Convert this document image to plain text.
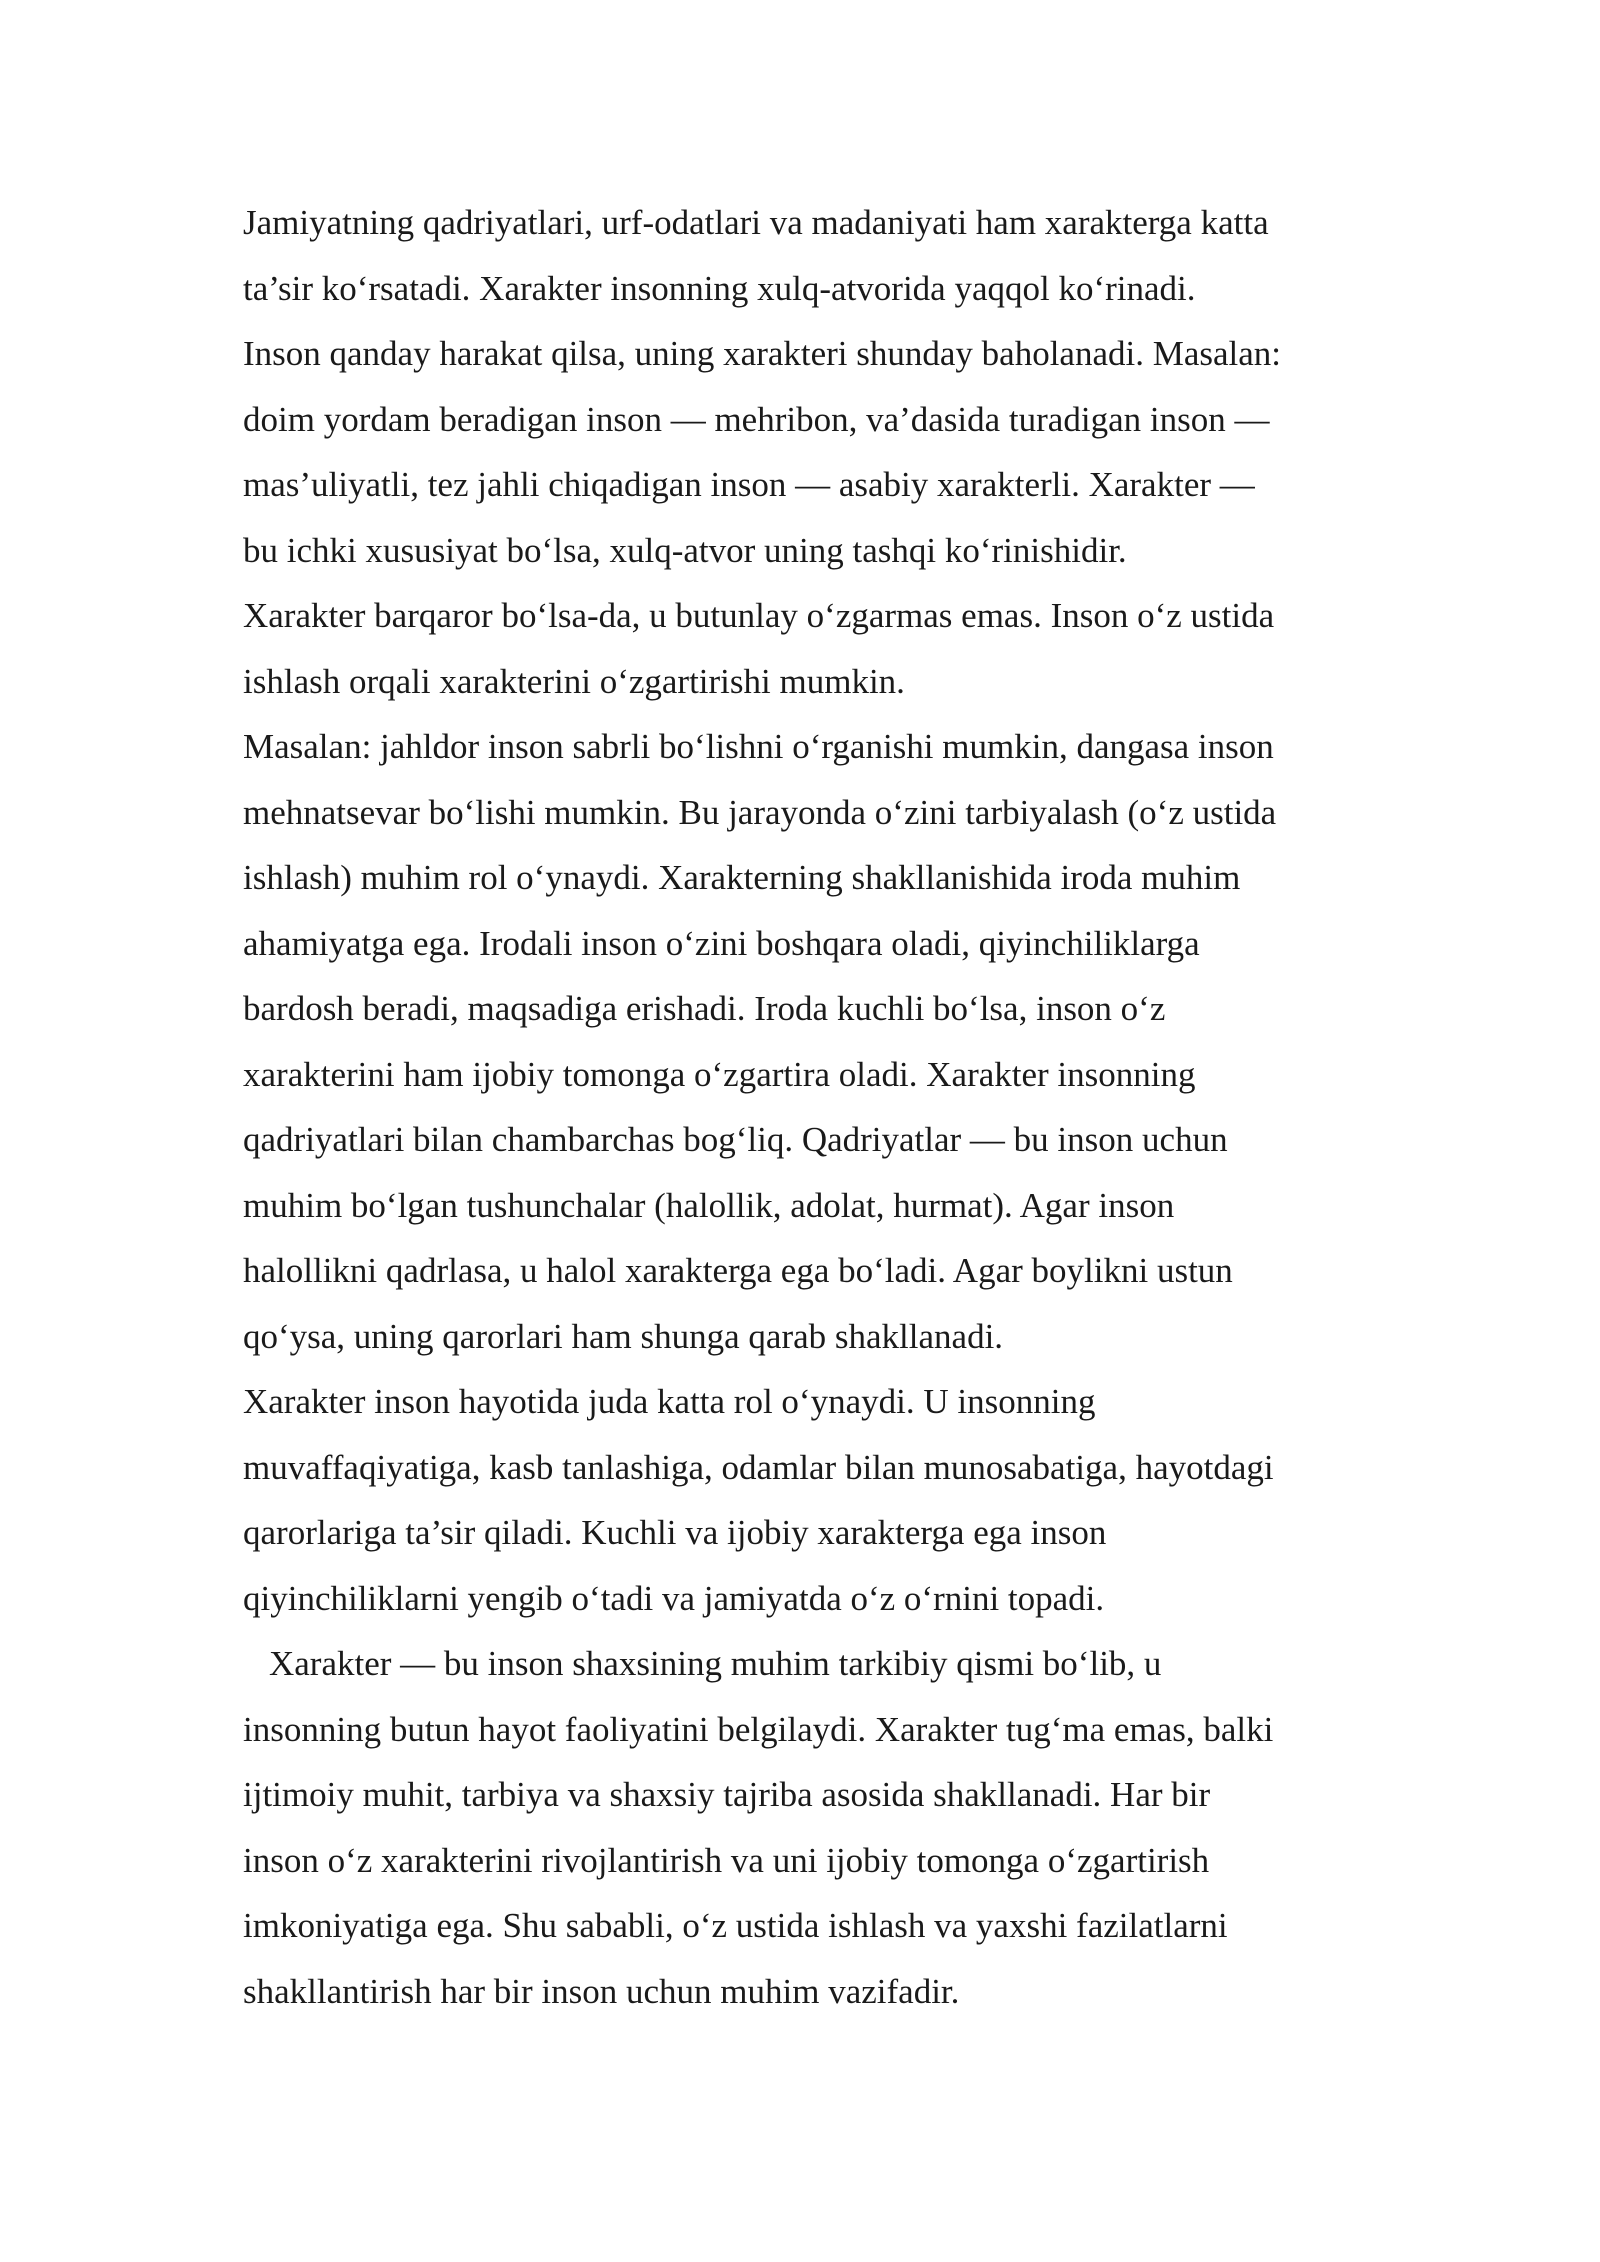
Jamiyatning qadriyatlari, urf-odatlari va madaniyati ham xarakterga katta
ta’sir ko‘rsatadi. Xarakter insonning xulq-atvorida yaqqol ko‘rinadi.
Inson qanday harakat qilsa, uning xarakteri shunday baholanadi. Masalan:
doim yordam beradigan inson — mehribon, va’dasida turadigan inson —
mas’uliyatli, tez jahli chiqadigan inson — asabiy xarakterli. Xarakter —
bu ichki xususiyat bo‘lsa, xulq-atvor uning tashqi ko‘rinishidir.
Xarakter barqaror bo‘lsa-da, u butunlay o‘zgarmas emas. Inson o‘z ustida
ishlash orqali xarakterini o‘zgartirishi mumkin.
Masalan: jahldor inson sabrli bo‘lishni o‘rganishi mumkin, dangasa inson
mehnatsevar bo‘lishi mumkin. Bu jarayonda o‘zini tarbiyalash (o‘z ustida
ishlash) muhim rol o‘ynaydi. Xarakterning shakllanishida iroda muhim
ahamiyatga ega. Irodali inson o‘zini boshqara oladi, qiyinchiliklarga
bardosh beradi, maqsadiga erishadi. Iroda kuchli bo‘lsa, inson o‘z
xarakterini ham ijobiy tomonga o‘zgartira oladi. Xarakter insonning
qadriyatlari bilan chambarchas bog‘liq. Qadriyatlar — bu inson uchun
muhim bo‘lgan tushunchalar (halollik, adolat, hurmat). Agar inson
halollikni qadrlasa, u halol xarakterga ega bo‘ladi. Agar boylikni ustun
qo‘ysa, uning qarorlari ham shunga qarab shakllanadi.
Xarakter inson hayotida juda katta rol o‘ynaydi. U insonning
muvaffaqiyatiga, kasb tanlashiga, odamlar bilan munosabatiga, hayotdagi
qarorlariga ta’sir qiladi. Kuchli va ijobiy xarakterga ega inson
qiyinchiliklarni yengib o‘tadi va jamiyatda o‘z o‘rnini topadi.
Xarakter — bu inson shaxsining muhim tarkibiy qismi bo‘lib, u
insonning butun hayot faoliyatini belgilaydi. Xarakter tug‘ma emas, balki
ijtimoiy muhit, tarbiya va shaxsiy tajriba asosida shakllanadi. Har bir
inson o‘z xarakterini rivojlantirish va uni ijobiy tomonga o‘zgartirish
imkoniyatiga ega. Shu sababli, o‘z ustida ishlash va yaxshi fazilatlarni
shakllantirish har bir inson uchun muhim vazifadir.
